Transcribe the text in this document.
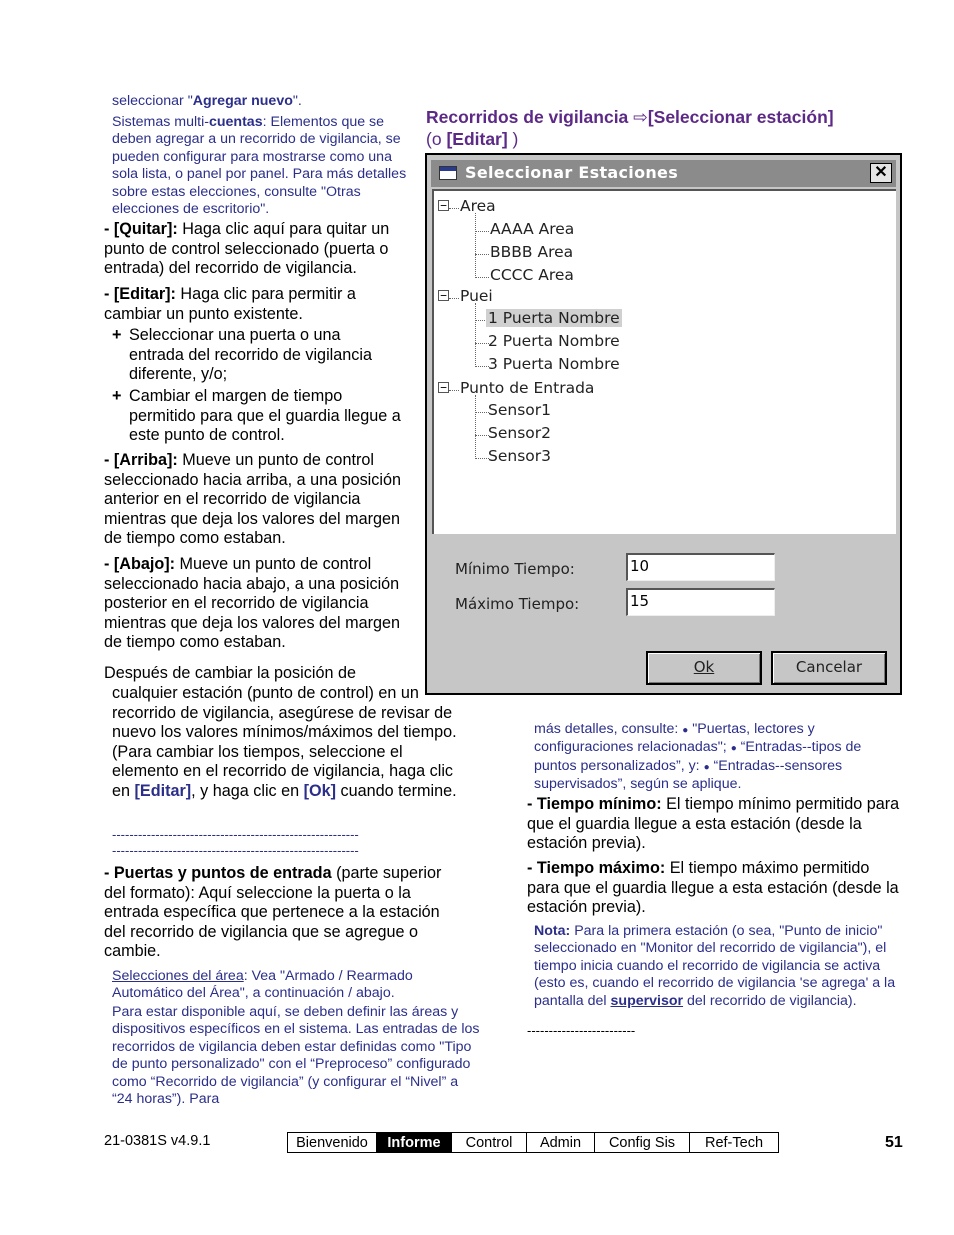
seleccionar "Agregar nuevo".
Sistemas multi-cuentas: Elementos que se deben agregar a un recorrido de vigilancia, se pueden configurar para mostrarse como una sola lista, o panel por panel. Para más detalles sobre estas elecciones, consulte "Otras elecciones de escritorio".
- [Quitar]: Haga clic aquí para quitar un punto de control seleccionado (puerta o entrada) del recorrido de vigilancia.
- [Editar]: Haga clic para permitir a cambiar un punto existente.
+ Seleccionar una puerta o una entrada del recorrido de vigilancia diferente, y/o;
+ Cambiar el margen de tiempo permitido para que el guardia llegue a este punto de control.
- [Arriba]: Mueve un punto de control seleccionado hacia arriba, a una posición anterior en el recorrido de vigilancia mientras que deja los valores del margen de tiempo como estaban.
- [Abajo]: Mueve un punto de control seleccionado hacia abajo, a una posición posterior en el recorrido de vigilancia mientras que deja los valores del margen de tiempo como estaban.
Después de cambiar la posición de
cualquier estación (punto de control) en un recorrido de vigilancia, asegúrese de revisar de nuevo los valores mínimos/máximos del tiempo. (Para cambiar los tiempos, seleccione el elemento en el recorrido de vigilancia, haga clic en [Editar], y haga clic en [Ok] cuando termine.
---------------------------------------------------------
---------------------------------------------------------
- Puertas y puntos de entrada (parte superior del formato): Aquí seleccione la puerta o la entrada específica que pertenece a la estación del recorrido de vigilancia que se agregue o cambie.
Selecciones del área: Vea "Armado / Rearmado Automático del Área", a continuación / abajo.
Para estar disponible aquí, se deben definir las áreas y dispositivos específicos en el sistema. Las entradas de los recorridos de vigilancia deben estar definidas como "Tipo de punto personalizado" con el “Preproceso” configurado como “Recorrido de vigilancia” (y configurar el “Nivel” a “24 horas”). Para
Recorridos de vigilancia ⇨[Seleccionar estación]
(o [Editar] )
Seleccionar Estaciones	✕
− Area
AAAA Area
BBBB Area
CCCC Area
− Puei
1 Puerta Nombre
2 Puerta Nombre
3 Puerta Nombre
− Punto de Entrada
Sensor1
Sensor2
Sensor3
Mínimo Tiempo:	10
Máximo Tiempo:	15
Ok	Cancelar
más detalles, consulte: ● "Puertas, lectores y configuraciones relacionadas"; ● “Entradas--tipos de puntos personalizados”, y: ● “Entradas--sensores supervisados”, según se aplique.
- Tiempo mínimo: El tiempo mínimo permitido para que el guardia llegue a esta estación (desde la estación previa).
- Tiempo máximo: El tiempo máximo permitido para que el guardia llegue a esta estación (desde la estación previa).
Nota: Para la primera estación (o sea, "Punto de inicio" seleccionado en "Monitor del recorrido de vigilancia"), el tiempo inicia cuando el recorrido de vigilancia se activa (esto es, cuando el recorrido de vigilancia 'se agrega' a la pantalla del supervisor del recorrido de vigilancia).
-------------------------
21-0381S v4.9.1	Bienvenido	Informe	Control	Admin	Config Sis	Ref-Tech	51
